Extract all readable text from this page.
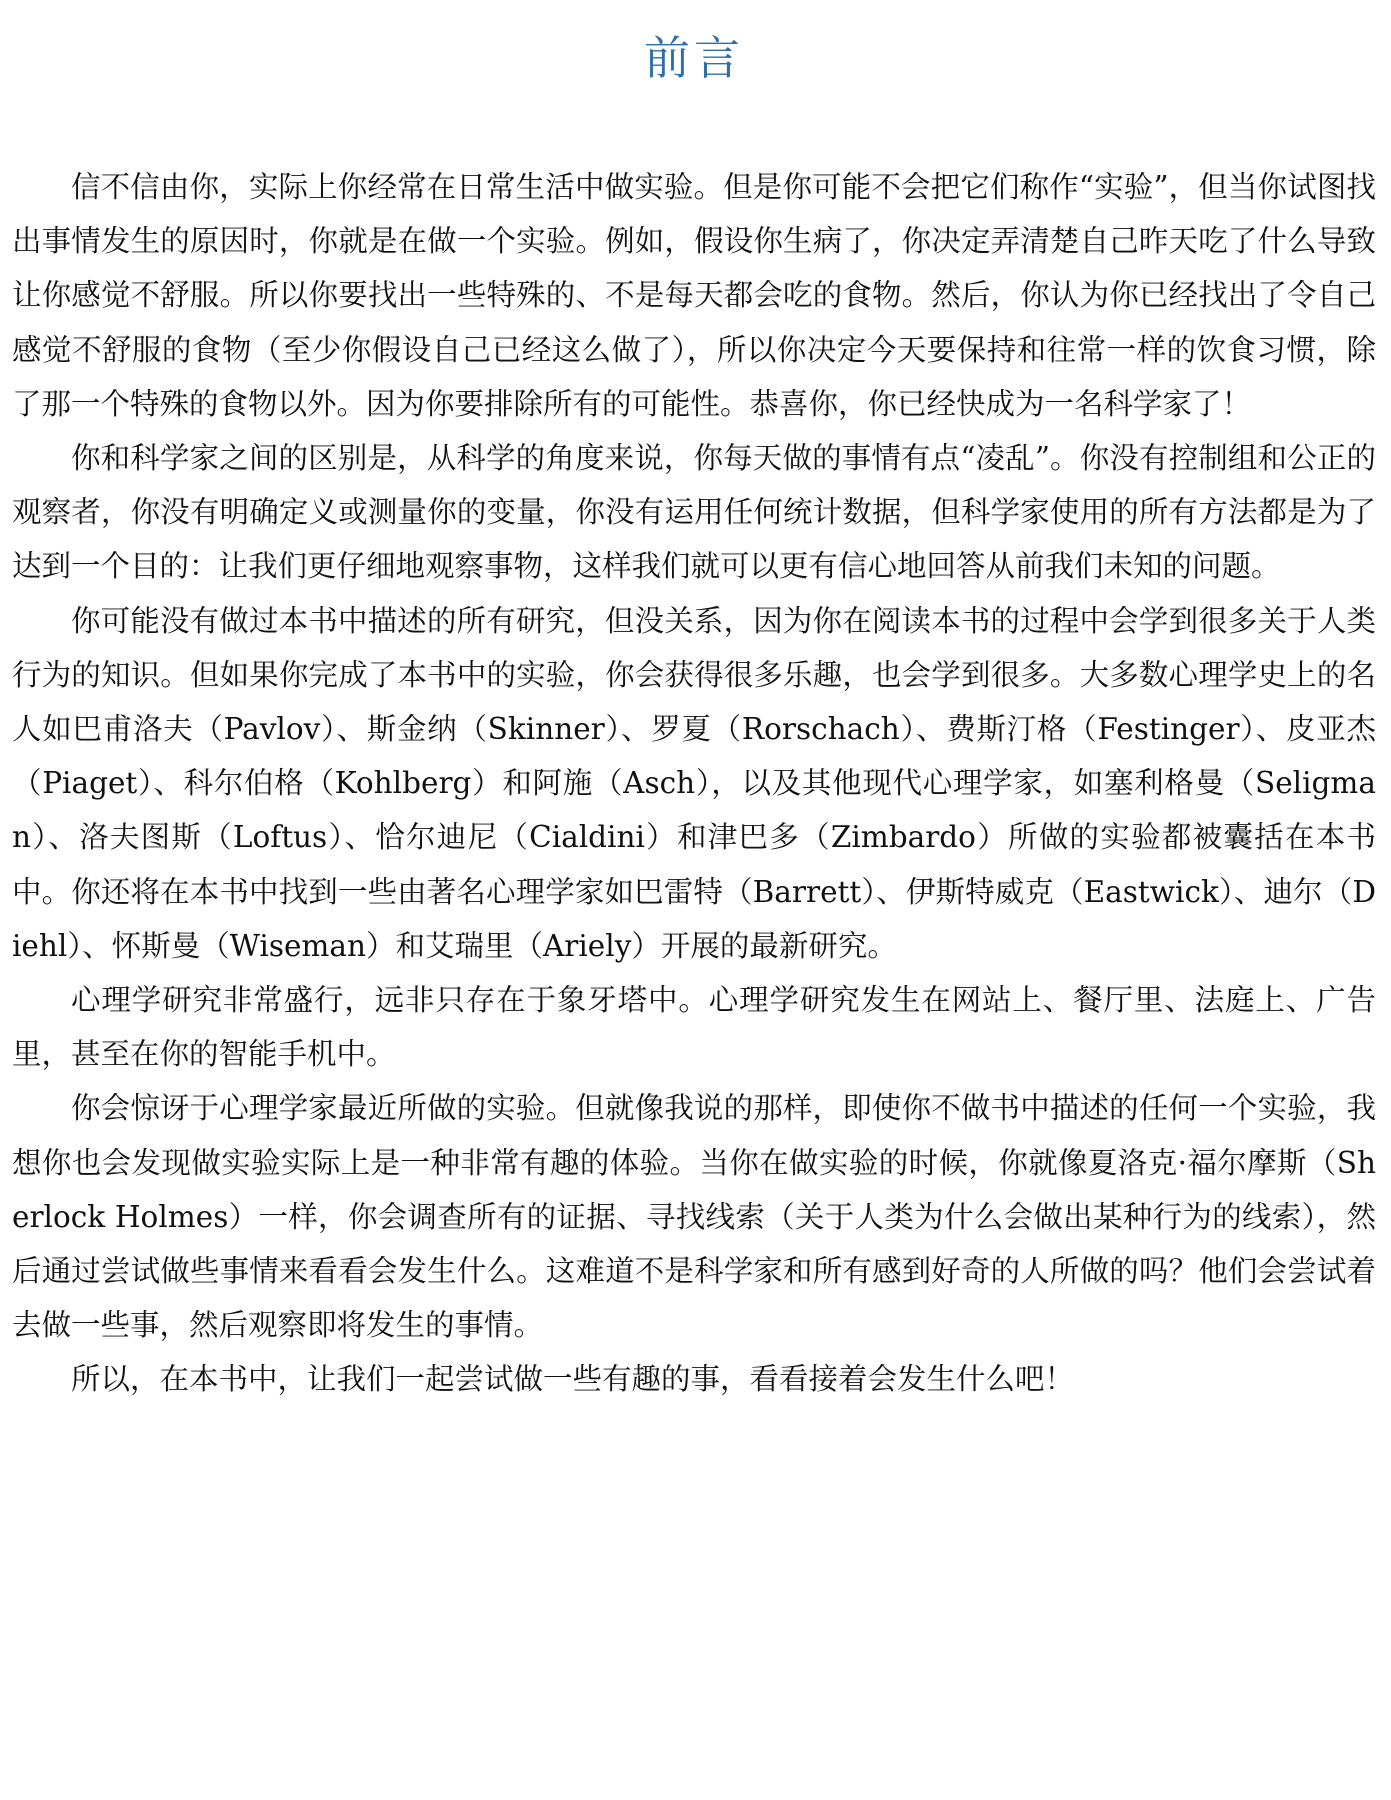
前言

信不信由你，实际上你经常在日常生活中做实验。但是你可能不会把它们称作“实验”，但当你试图找出事情发生的原因时，你就是在做一个实验。例如，假设你生病了，你决定弄清楚自己昨天吃了什么导致让你感觉不舒服。所以你要找出一些特殊的、不是每天都会吃的食物。然后，你认为你已经找出了令自己感觉不舒服的食物（至少你假设自己已经这么做了），所以你决定今天要保持和往常一样的饮食习惯，除了那一个特殊的食物以外。因为你要排除所有的可能性。恭喜你，你已经快成为一名科学家了！

你和科学家之间的区别是，从科学的角度来说，你每天做的事情有点“凌乱”。你没有控制组和公正的观察者，你没有明确定义或测量你的变量，你没有运用任何统计数据，但科学家使用的所有方法都是为了达到一个目的：让我们更仔细地观察事物，这样我们就可以更有信心地回答从前我们未知的问题。

你可能没有做过本书中描述的所有研究，但没关系，因为你在阅读本书的过程中会学到很多关于人类行为的知识。但如果你完成了本书中的实验，你会获得很多乐趣，也会学到很多。大多数心理学史上的名人如巴甫洛夫（Pavlov）、斯金纳（Skinner）、罗夏（Rorschach）、费斯汀格（Festinger）、皮亚杰（Piaget）、科尔伯格（Kohlberg）和阿施（Asch），以及其他现代心理学家，如塞利格曼（Seligman）、洛夫图斯（Loftus）、恰尔迪尼（Cialdini）和津巴多（Zimbardo）所做的实验都被囊括在本书中。你还将在本书中找到一些由著名心理学家如巴雷特（Barrett）、伊斯特威克（Eastwick）、迪尔（Diehl）、怀斯曼（Wiseman）和艾瑞里（Ariely）开展的最新研究。

心理学研究非常盛行，远非只存在于象牙塔中。心理学研究发生在网站上、餐厅里、法庭上、广告里，甚至在你的智能手机中。

你会惊讶于心理学家最近所做的实验。但就像我说的那样，即使你不做书中描述的任何一个实验，我想你也会发现做实验实际上是一种非常有趣的体验。当你在做实验的时候，你就像夏洛克·福尔摩斯（Sherlock Holmes）一样，你会调查所有的证据、寻找线索（关于人类为什么会做出某种行为的线索），然后通过尝试做些事情来看看会发生什么。这难道不是科学家和所有感到好奇的人所做的吗？他们会尝试着去做一些事，然后观察即将发生的事情。

所以，在本书中，让我们一起尝试做一些有趣的事，看看接着会发生什么吧！
